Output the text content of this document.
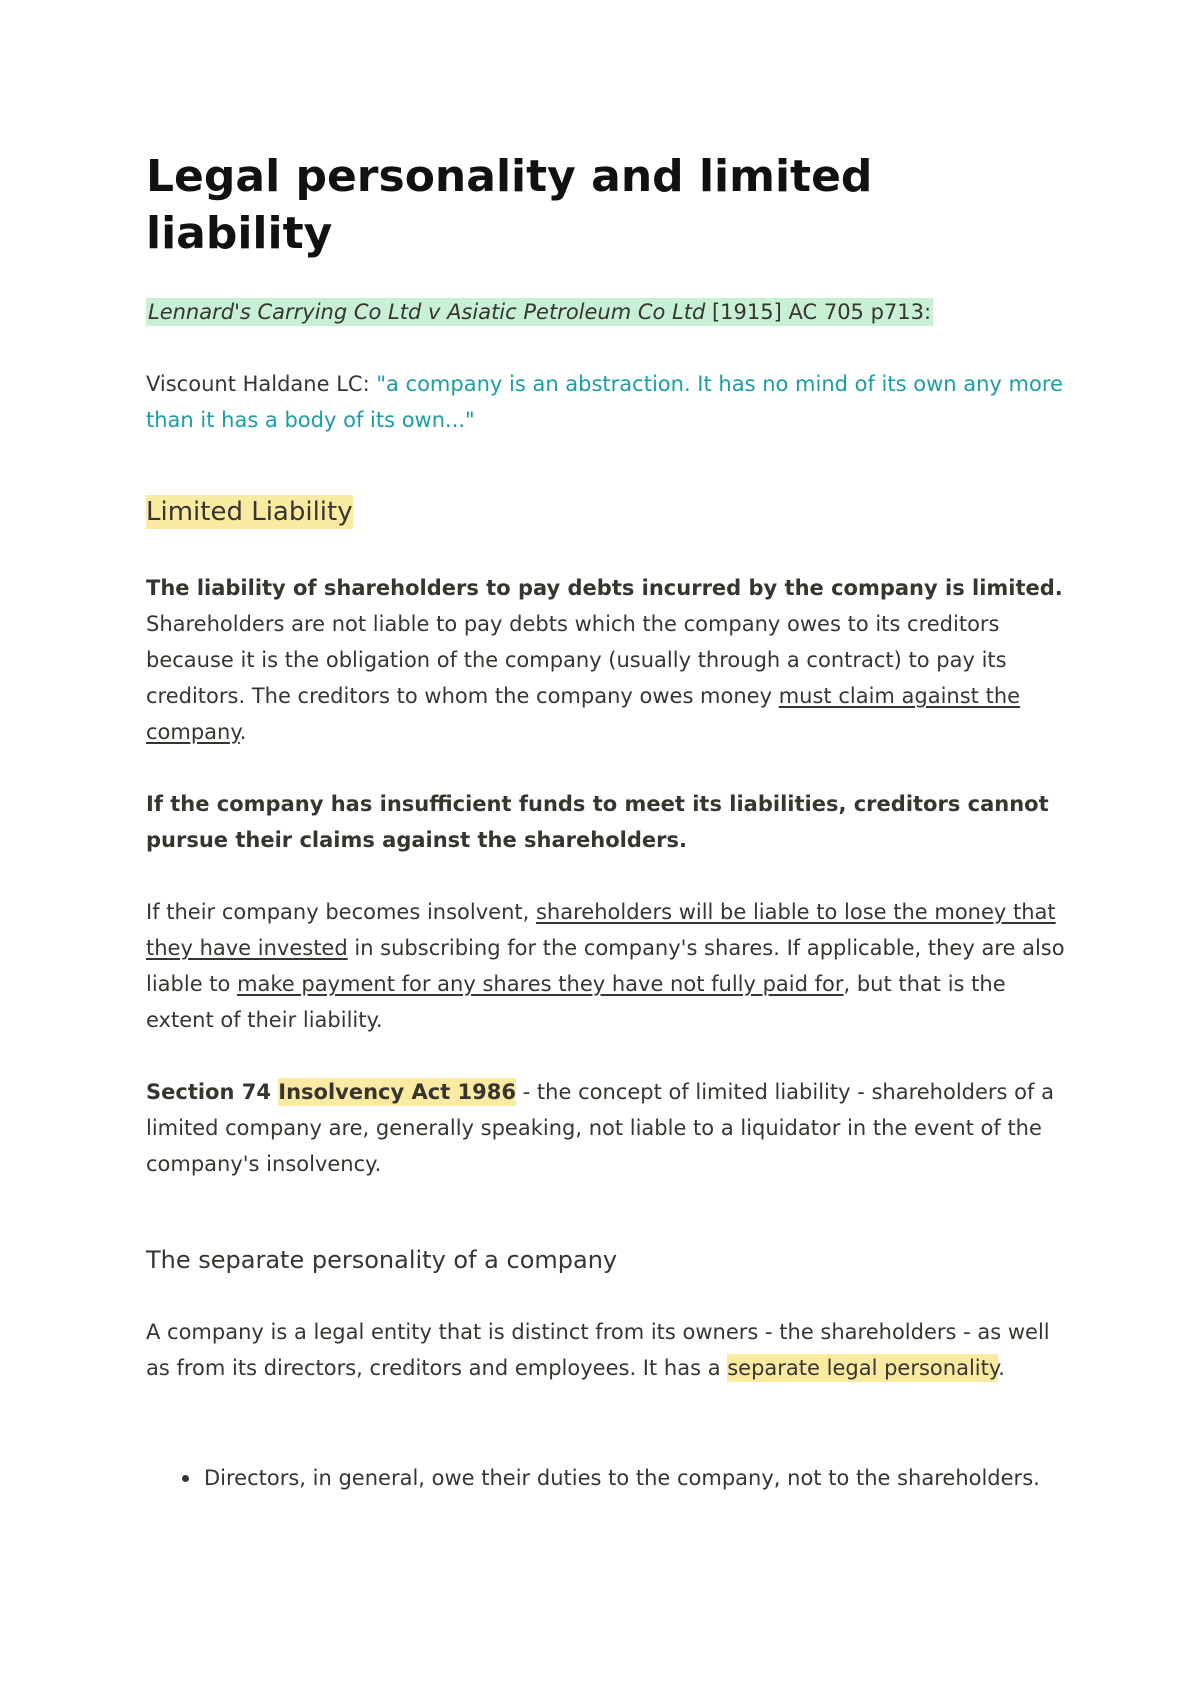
Legal personality and limited liability

Lennard's Carrying Co Ltd v Asiatic Petroleum Co Ltd [1915] AC 705 p713:

Viscount Haldane LC: "a company is an abstraction. It has no mind of its own any more than it has a body of its own..."

Limited Liability

The liability of shareholders to pay debts incurred by the company is limited. Shareholders are not liable to pay debts which the company owes to its creditors because it is the obligation of the company (usually through a contract) to pay its creditors. The creditors to whom the company owes money must claim against the company.

If the company has insufficient funds to meet its liabilities, creditors cannot pursue their claims against the shareholders.

If their company becomes insolvent, shareholders will be liable to lose the money that they have invested in subscribing for the company's shares. If applicable, they are also liable to make payment for any shares they have not fully paid for, but that is the extent of their liability.

Section 74 Insolvency Act 1986 - the concept of limited liability - shareholders of a limited company are, generally speaking, not liable to a liquidator in the event of the company's insolvency.

The separate personality of a company

A company is a legal entity that is distinct from its owners - the shareholders - as well as from its directors, creditors and employees. It has a separate legal personality.

Directors, in general, owe their duties to the company, not to the shareholders.
